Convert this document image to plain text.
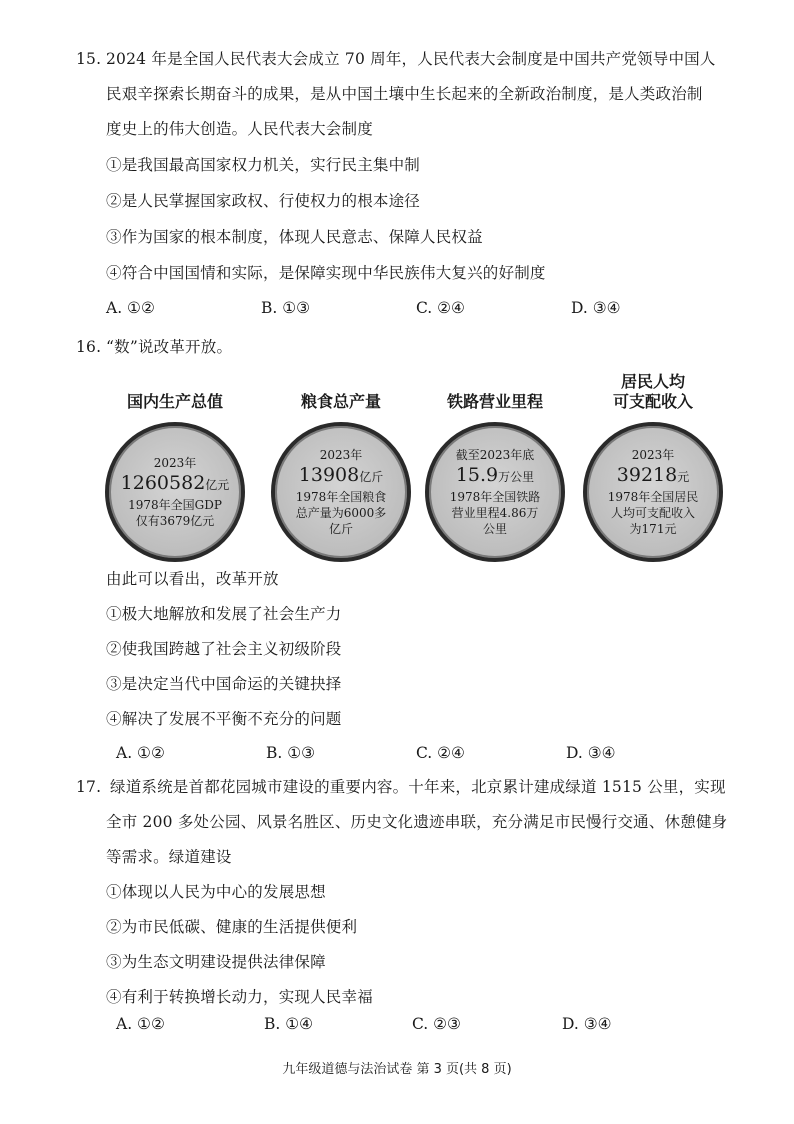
15. 2024 年是全国人民代表大会成立 70 周年，人民代表大会制度是中国共产党领导中国人
民艰辛探索长期奋斗的成果，是从中国土壤中生长起来的全新政治制度，是人类政治制
度史上的伟大创造。人民代表大会制度
①是我国最高国家权力机关，实行民主集中制
②是人民掌握国家政权、行使权力的根本途径
③作为国家的根本制度，体现人民意志、保障人民权益
④符合中国国情和实际，是保障实现中华民族伟大复兴的好制度
A. ①②	B. ①③	C. ②④	D. ③④
16. “数”说改革开放。
国内生产总值
2023年
1260582亿元
1978年全国GDP
仅有3679亿元
粮食总产量
2023年
13908亿斤
1978年全国粮食
总产量为6000多
亿斤
铁路营业里程
截至2023年底
15.9万公里
1978年全国铁路
营业里程4.86万
公里
居民人均
可支配收入
2023年
39218元
1978年全国居民
人均可支配收入
为171元
由此可以看出，改革开放
①极大地解放和发展了社会生产力
②使我国跨越了社会主义初级阶段
③是决定当代中国命运的关键抉择
④解决了发展不平衡不充分的问题
A. ①②	B. ①③	C. ②④	D. ③④
17. 绿道系统是首都花园城市建设的重要内容。十年来，北京累计建成绿道 1515 公里，实现
全市 200 多处公园、风景名胜区、历史文化遗迹串联，充分满足市民慢行交通、休憩健身
等需求。绿道建设
①体现以人民为中心的发展思想
②为市民低碳、健康的生活提供便利
③为生态文明建设提供法律保障
④有利于转换增长动力，实现人民幸福
A. ①②	B. ①④	C. ②③	D. ③④
九年级道德与法治试卷 第 3 页(共 8 页)
